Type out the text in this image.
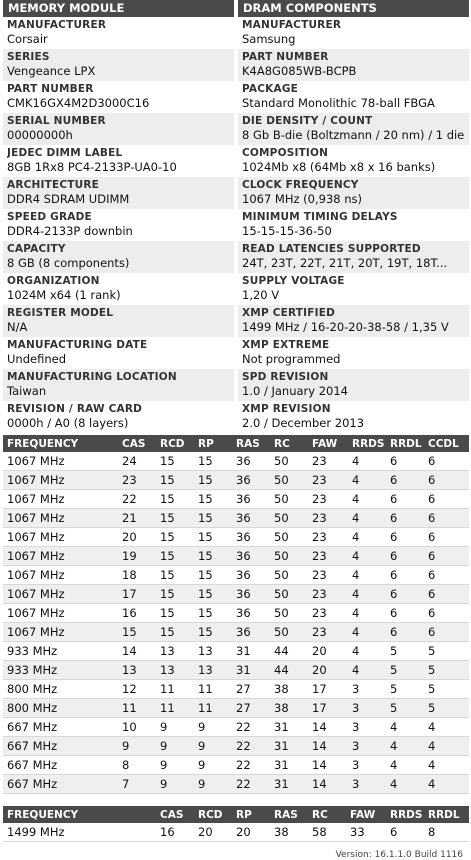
MEMORY MODULE
MANUFACTURER
Corsair
SERIES
Vengeance LPX
PART NUMBER
CMK16GX4M2D3000C16
SERIAL NUMBER
00000000h
JEDEC DIMM LABEL
8GB 1Rx8 PC4-2133P-UA0-10
ARCHITECTURE
DDR4 SDRAM UDIMM
SPEED GRADE
DDR4-2133P downbin
CAPACITY
8 GB (8 components)
ORGANIZATION
1024M x64 (1 rank)
REGISTER MODEL
N/A
MANUFACTURING DATE
Undefined
MANUFACTURING LOCATION
Taiwan
REVISION / RAW CARD
0000h / A0 (8 layers)
DRAM COMPONENTS
MANUFACTURER
Samsung
PART NUMBER
K4A8G085WB-BCPB
PACKAGE
Standard Monolithic 78-ball FBGA
DIE DENSITY / COUNT
8 Gb B-die (Boltzmann / 20 nm) / 1 die
COMPOSITION
1024Mb x8 (64Mb x8 x 16 banks)
CLOCK FREQUENCY
1067 MHz (0,938 ns)
MINIMUM TIMING DELAYS
15-15-15-36-50
READ LATENCIES SUPPORTED
24T, 23T, 22T, 21T, 20T, 19T, 18T...
SUPPLY VOLTAGE
1,20 V
XMP CERTIFIED
1499 MHz / 16-20-20-38-58 / 1,35 V
XMP EXTREME
Not programmed
SPD REVISION
1.0 / January 2014
XMP REVISION
2.0 / December 2013
FREQUENCY	CAS	RCD	RP	RAS	RC	FAW	RRDS	RRDL	CCDL
1067 MHz	24	15	15	36	50	23	4	6	6
1067 MHz	23	15	15	36	50	23	4	6	6
1067 MHz	22	15	15	36	50	23	4	6	6
1067 MHz	21	15	15	36	50	23	4	6	6
1067 MHz	20	15	15	36	50	23	4	6	6
1067 MHz	19	15	15	36	50	23	4	6	6
1067 MHz	18	15	15	36	50	23	4	6	6
1067 MHz	17	15	15	36	50	23	4	6	6
1067 MHz	16	15	15	36	50	23	4	6	6
1067 MHz	15	15	15	36	50	23	4	6	6
933 MHz	14	13	13	31	44	20	4	5	5
933 MHz	13	13	13	31	44	20	4	5	5
800 MHz	12	11	11	27	38	17	3	5	5
800 MHz	11	11	11	27	38	17	3	5	5
667 MHz	10	9	9	22	31	14	3	4	4
667 MHz	9	9	9	22	31	14	3	4	4
667 MHz	8	9	9	22	31	14	3	4	4
667 MHz	7	9	9	22	31	14	3	4	4
FREQUENCY	CAS	RCD	RP	RAS	RC	FAW	RRDS	RRDL
1499 MHz	16	20	20	38	58	33	6	8
Version: 16.1.1.0 Build 1116
